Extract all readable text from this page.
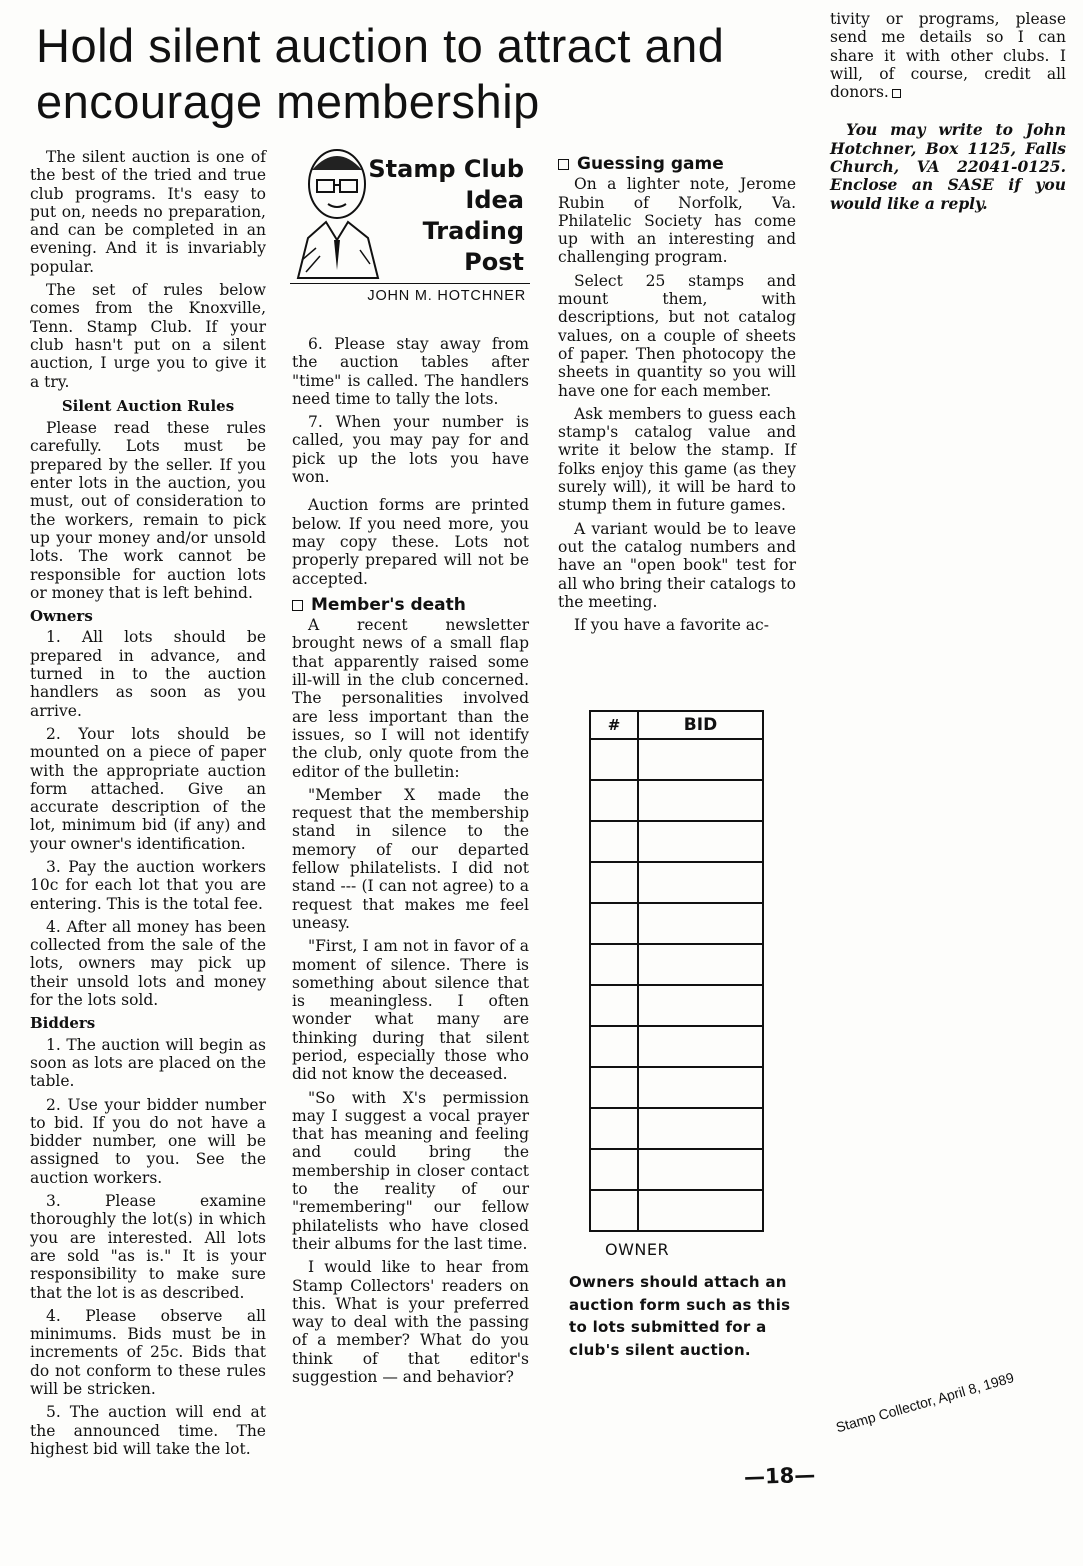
Hold silent auction to attract and encourage membership

The silent auction is one of the best of the tried and true club programs. It's easy to put on, needs no preparation, and can be completed in an evening. And it is invariably popular.

The set of rules below comes from the Knoxville, Tenn. Stamp Club. If your club hasn't put on a silent auction, I urge you to give it a try.

Silent Auction Rules

Please read these rules carefully. Lots must be prepared by the seller. If you enter lots in the auction, you must, out of consideration to the workers, remain to pick up your money and/or unsold lots. The work cannot be responsible for auction lots or money that is left behind.

Owners

1. All lots should be prepared in advance, and turned in to the auction handlers as soon as you arrive.

2. Your lots should be mounted on a piece of paper with the appropriate auction form attached. Give an accurate description of the lot, minimum bid (if any) and your owner's identification.

3. Pay the auction workers 10c for each lot that you are entering. This is the total fee.

4. After all money has been collected from the sale of the lots, owners may pick up their unsold lots and money for the lots sold.

Bidders

1. The auction will begin as soon as lots are placed on the table.

2. Use your bidder number to bid. If you do not have a bidder number, one will be assigned to you. See the auction workers.

3. Please examine thoroughly the lot(s) in which you are interested. All lots are sold "as is." It is your responsibility to make sure that the lot is as described.

4. Please observe all minimums. Bids must be in increments of 25c. Bids that do not conform to these rules will be stricken.

5. The auction will end at the announced time. The highest bid will take the lot.

Stamp Club
Idea
Trading
Post
JOHN M. HOTCHNER

6. Please stay away from the auction tables after "time" is called. The handlers need time to tally the lots.

7. When your number is called, you may pay for and pick up the lots you have won.

Auction forms are printed below. If you need more, you may copy these. Lots not properly prepared will not be accepted.

Member's death

A recent newsletter brought news of a small flap that apparently raised some ill-will in the club concerned. The personalities involved are less important than the issues, so I will not identify the club, only quote from the editor of the bulletin:

"Member X made the request that the membership stand in silence to the memory of our departed fellow philatelists. I did not stand --- (I can not agree) to a request that makes me feel uneasy.

"First, I am not in favor of a moment of silence. There is something about silence that is meaningless. I often wonder what many are thinking during that silent period, especially those who did not know the deceased.

"So with X's permission may I suggest a vocal prayer that has meaning and feeling and could bring the membership in closer contact to the reality of our "remembering" our fellow philatelists who have closed their albums for the last time.

I would like to hear from Stamp Collectors' readers on this. What is your preferred way to deal with the passing of a member? What do you think of that editor's suggestion — and behavior?

Guessing game

On a lighter note, Jerome Rubin of Norfolk, Va. Philatelic Society has come up with an interesting and challenging program.

Select 25 stamps and mount them, with descriptions, but not catalog values, on a couple of sheets of paper. Then photocopy the sheets in quantity so you will have one for each member.

Ask members to guess each stamp's catalog value and write it below the stamp. If folks enjoy this game (as they surely will), it will be hard to stump them in future games.

A variant would be to leave out the catalog numbers and have an "open book" test for all who bring their catalogs to the meeting.

If you have a favorite ac-

tivity or programs, please send me details so I can share it with other clubs. I will, of course, credit all donors.

You may write to John Hotchner, Box 1125, Falls Church, VA 22041-0125. Enclose an SASE if you would like a reply.

#	BID

OWNER
Owners should attach an auction form such as this to lots submitted for a club's silent auction.
—18—
Stamp Collector, April 8, 1989
